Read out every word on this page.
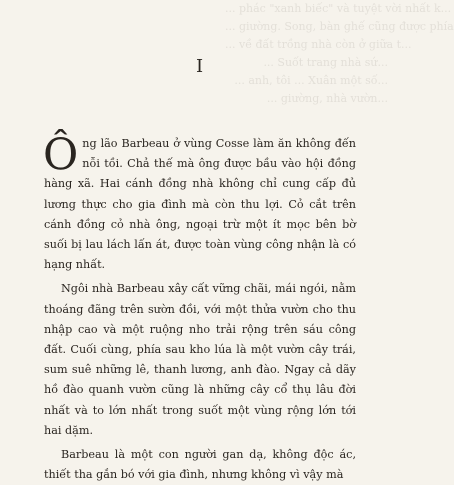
... phác "xanh biếc" và tuyệt vời nhất k...
... giường. Song, bàn ghế cũng được phía
... về đất trồng nhà còn ở giữa t...
... Suốt trang nhà sứ...
... anh, tôi ... Xuân một số...
... giường, nhà vườn...
I

Ông lão Barbeau ở vùng Cosse làm ăn không đến nỗi tồi. Chả thế mà ông được bầu vào hội đồng hàng xã. Hai cánh đồng nhà không chỉ cung cấp đủ lương thực cho gia đình mà còn thu lợi. Cỏ cắt trên cánh đồng cỏ nhà ông, ngoại trừ một ít mọc bên bờ suối bị lau lách lấn át, được toàn vùng công nhận là có hạng nhất.

Ngôi nhà Barbeau xây cất vững chãi, mái ngói, nằm thoáng đãng trên sườn đồi, với một thửa vườn cho thu nhập cao và một ruộng nho trải rộng trên sáu công đất. Cuối cùng, phía sau kho lúa là một vườn cây trái, sum suê những lê, thanh lương, anh đào. Ngay cả dãy hồ đào quanh vườn cũng là những cây cổ thụ lâu đời nhất và to lớn nhất trong suốt một vùng rộng lớn tới hai dặm.

Barbeau là một con người gan dạ, không độc ác, thiết tha gắn bó với gia đình, nhưng không vì vậy mà
